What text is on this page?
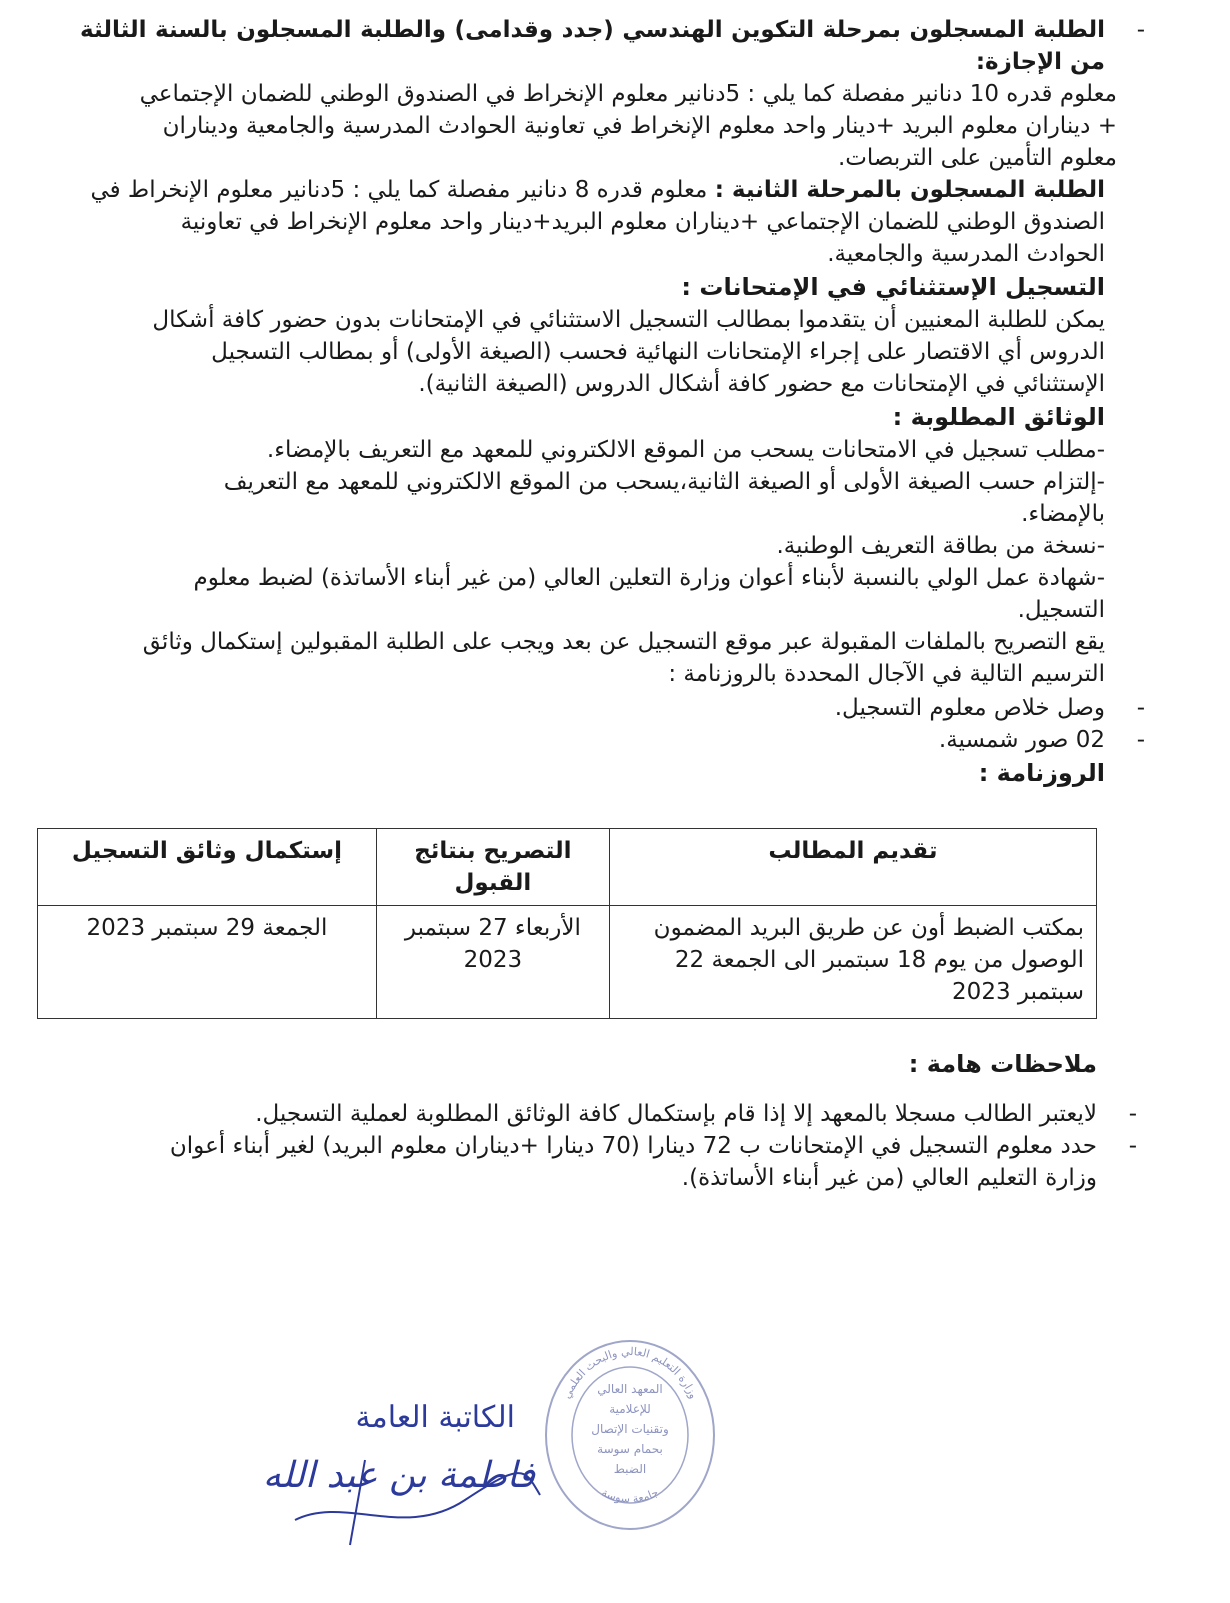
-

الطلبة المسجلون بمرحلة التكوين الهندسي (جدد وقدامى) والطلبة المسجلون بالسنة الثالثة من الإجازة:

معلوم قدره 10 دنانير مفصلة كما يلي : 5دنانير معلوم الإنخراط في الصندوق الوطني للضمان الإجتماعي

+ ديناران معلوم البريد +دينار واحد معلوم الإنخراط في تعاونية الحوادث المدرسية والجامعية وديناران

معلوم التأمين على التربصات.

الطلبة المسجلون بالمرحلة الثانية : معلوم قدره 8 دنانير مفصلة كما يلي : 5دنانير معلوم الإنخراط في

الصندوق الوطني للضمان الإجتماعي +ديناران معلوم البريد+دينار واحد معلوم الإنخراط في تعاونية

الحوادث المدرسية والجامعية.

التسجيل الإستثنائي في الإمتحانات :

يمكن للطلبة المعنيين أن يتقدموا بمطالب التسجيل الاستثنائي في الإمتحانات بدون حضور كافة أشكال

الدروس أي الاقتصار على إجراء الإمتحانات النهائية فحسب (الصيغة الأولى) أو بمطالب التسجيل

الإستثنائي في الإمتحانات مع حضور كافة أشكال الدروس (الصيغة الثانية).

الوثائق المطلوبة :

-مطلب تسجيل في الامتحانات يسحب من الموقع الالكتروني للمعهد مع التعريف بالإمضاء.

-إلتزام حسب الصيغة الأولى أو الصيغة الثانية،يسحب من الموقع الالكتروني للمعهد مع التعريف

بالإمضاء.

-نسخة من بطاقة التعريف الوطنية.

-شهادة عمل الولي بالنسبة لأبناء أعوان وزارة التعلين العالي (من غير أبناء الأساتذة) لضبط معلوم

التسجيل.

يقع التصريح بالملفات المقبولة عبر موقع التسجيل عن بعد ويجب على الطلبة المقبولين إستكمال وثائق

الترسيم التالية في الآجال المحددة بالروزنامة :

-

وصل خلاص معلوم التسجيل.

-

02 صور شمسية.

الروزنامة :

تقديم المطالب	التصريح بنتائج القبول	إستكمال وثائق التسجيل
بمكتب الضبط أون عن طريق البريد المضمون الوصول من يوم 18 سبتمبر الى الجمعة 22 سبتمبر 2023	الأربعاء 27 سبتمبر 2023	الجمعة 29 سبتمبر 2023
ملاحظات هامة :
-

لايعتبر الطالب مسجلا بالمعهد إلا إذا قام بإستكمال كافة الوثائق المطلوبة لعملية التسجيل.

-

حدد معلوم التسجيل في الإمتحانات ب 72 دينارا (70 دينارا +ديناران معلوم البريد) لغير أبناء أعوان

وزارة التعليم العالي (من غير أبناء الأساتذة).

الكاتبة العامة
فاطمة بن عبد الله
وزارة التعليم العالي والبحث العلمي
جامعة سوسة
المعهد العالي
للإعلامية
وتقنيات الإتصال
بحمام سوسة
الضبط
